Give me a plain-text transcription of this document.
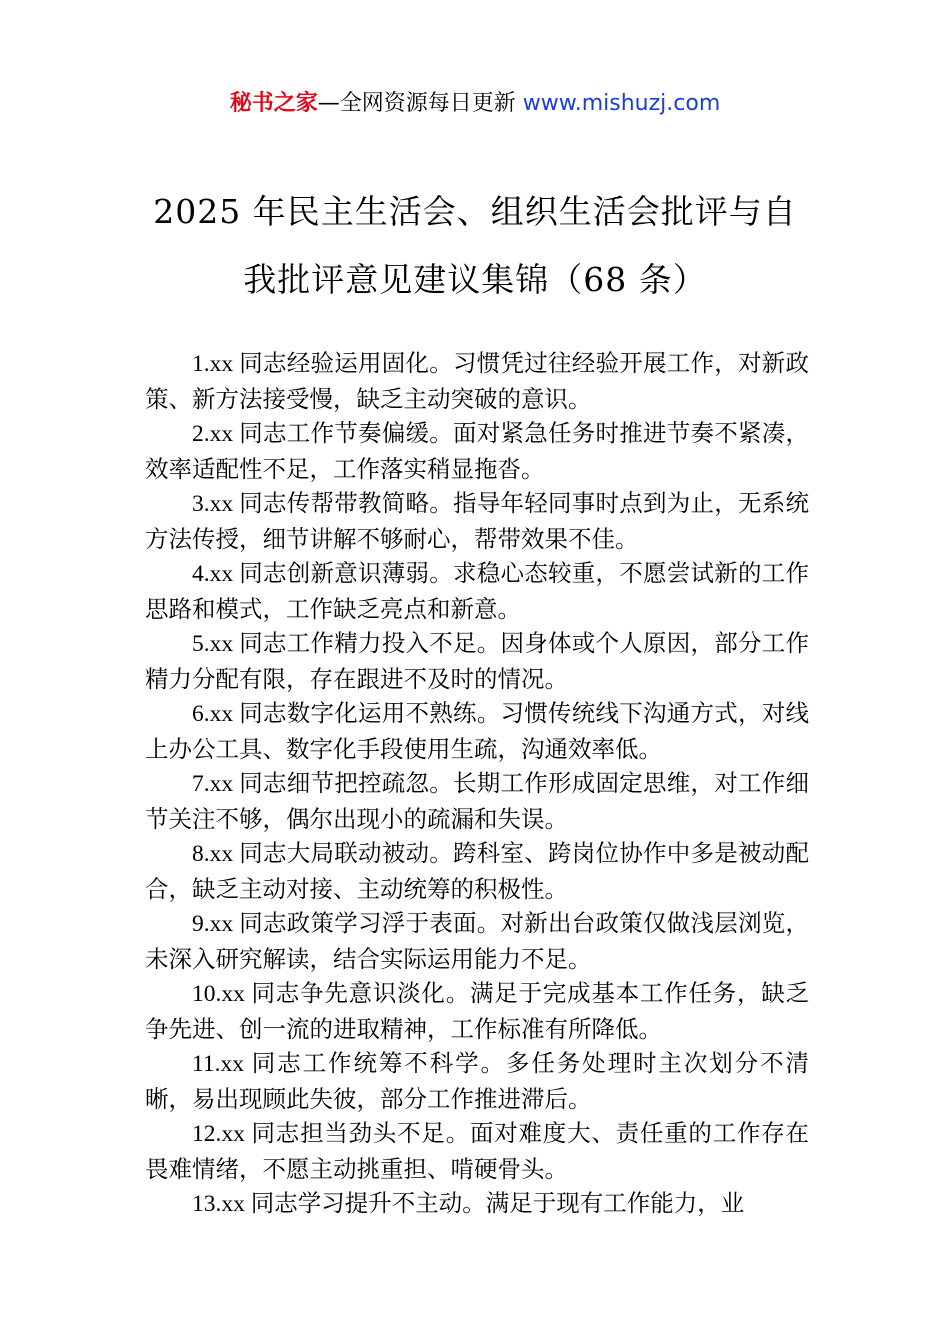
秘书之家—全网资源每日更新 www.mishuzj.com
2025 年民主生活会、组织生活会批评与自
我批评意见建议集锦（68 条）

1.xx 同志经验运用固化。习惯凭过往经验开展工作，对新政策、新方法接受慢，缺乏主动突破的意识。

2.xx 同志工作节奏偏缓。面对紧急任务时推进节奏不紧凑，效率适配性不足，工作落实稍显拖沓。

3.xx 同志传帮带教简略。指导年轻同事时点到为止，无系统方法传授，细节讲解不够耐心，帮带效果不佳。

4.xx 同志创新意识薄弱。求稳心态较重，不愿尝试新的工作思路和模式，工作缺乏亮点和新意。

5.xx 同志工作精力投入不足。因身体或个人原因，部分工作精力分配有限，存在跟进不及时的情况。

6.xx 同志数字化运用不熟练。习惯传统线下沟通方式，对线上办公工具、数字化手段使用生疏，沟通效率低。

7.xx 同志细节把控疏忽。长期工作形成固定思维，对工作细节关注不够，偶尔出现小的疏漏和失误。

8.xx 同志大局联动被动。跨科室、跨岗位协作中多是被动配合，缺乏主动对接、主动统筹的积极性。

9.xx 同志政策学习浮于表面。对新出台政策仅做浅层浏览，未深入研究解读，结合实际运用能力不足。

10.xx 同志争先意识淡化。满足于完成基本工作任务，缺乏争先进、创一流的进取精神，工作标准有所降低。

11.xx 同志工作统筹不科学。多任务处理时主次划分不清晰，易出现顾此失彼，部分工作推进滞后。

12.xx 同志担当劲头不足。面对难度大、责任重的工作存在畏难情绪，不愿主动挑重担、啃硬骨头。

13.xx 同志学习提升不主动。满足于现有工作能力，业
